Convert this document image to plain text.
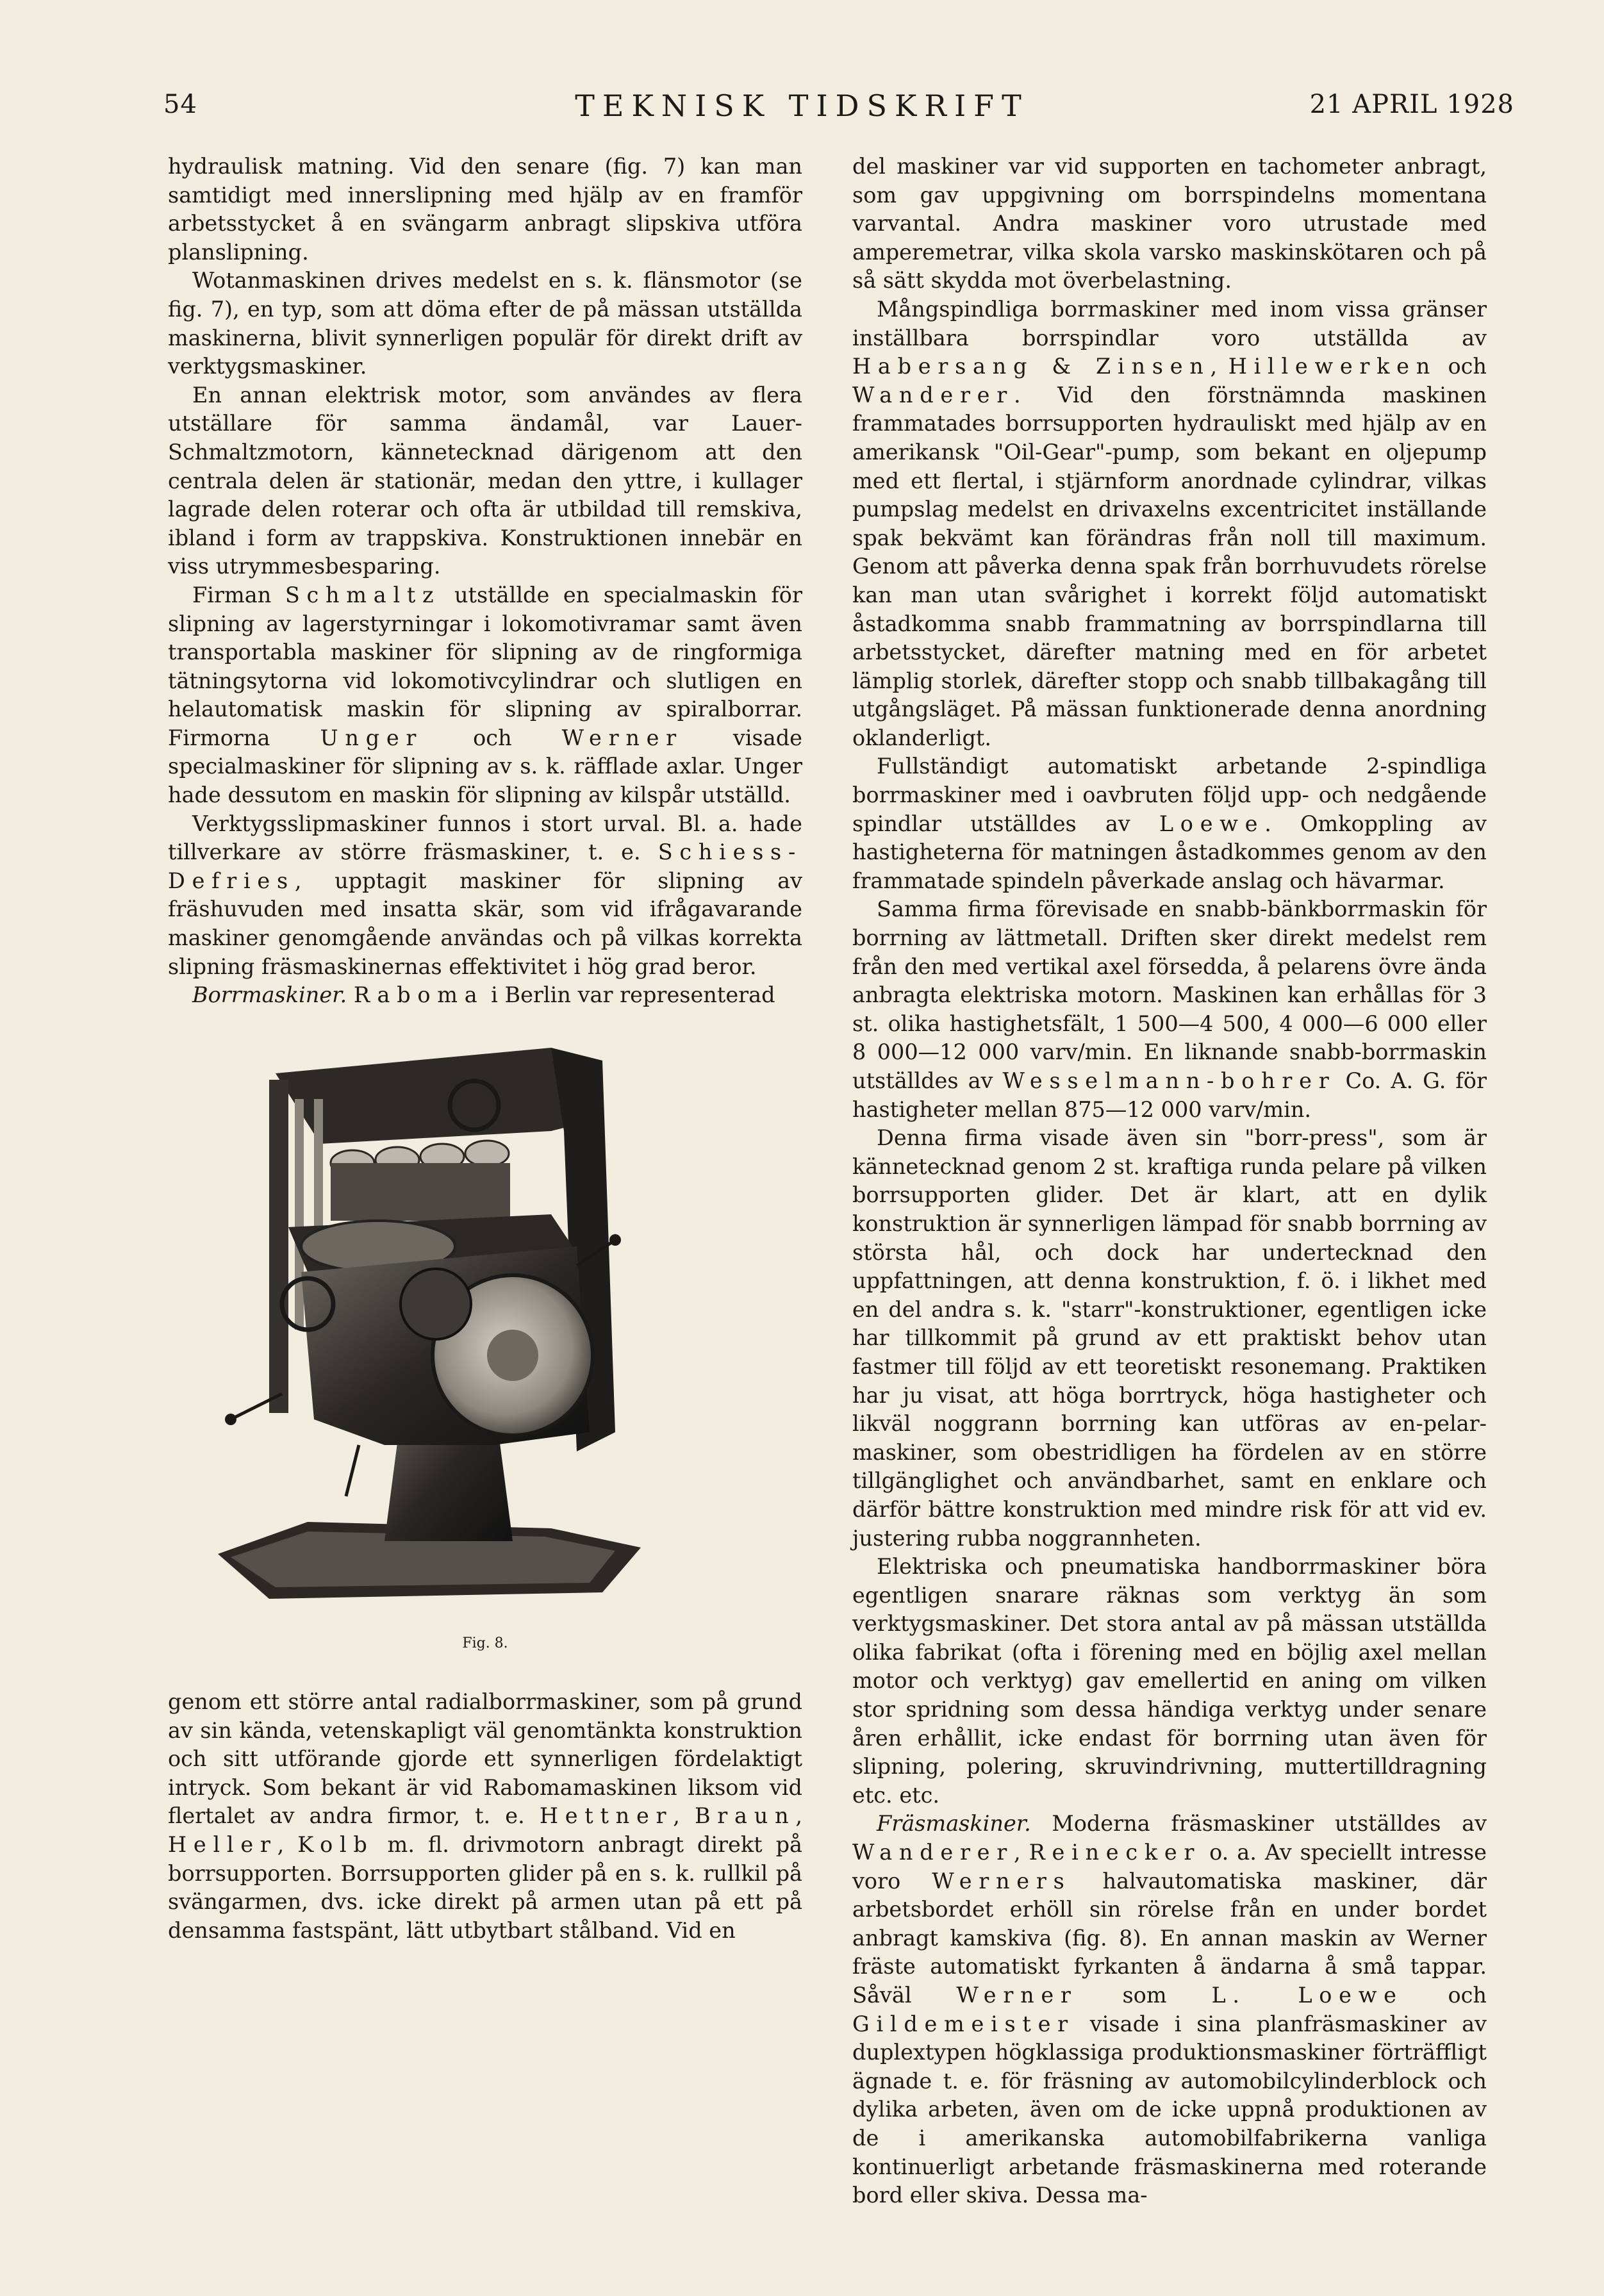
54	TEKNISK TIDSKRIFT	21 APRIL 1928

hydraulisk matning. Vid den senare (fig. 7) kan man samtidigt med innerslipning med hjälp av en framför arbetsstycket å en svängarm anbragt slipskiva utföra planslipning.

Wotanmaskinen drives medelst en s. k. flänsmotor (se fig. 7), en typ, som att döma efter de på mässan utställda maskinerna, blivit synnerligen populär för direkt drift av verktygsmaskiner.

En annan elektrisk motor, som användes av flera utställare för samma ändamål, var Lauer-Schmaltzmotorn, kännetecknad därigenom att den centrala delen är stationär, medan den yttre, i kullager lagrade delen roterar och ofta är utbildad till remskiva, ibland i form av trappskiva. Konstruktionen innebär en viss utrymmesbesparing.

Firman Schmaltz utställde en specialmaskin för slipning av lagerstyrningar i lokomotivramar samt även transportabla maskiner för slipning av de ringformiga tätningsytorna vid lokomotivcylindrar och slutligen en helautomatisk maskin för slipning av spiralborrar. Firmorna Unger och Werner visade specialmaskiner för slipning av s. k. räfflade axlar. Unger hade dessutom en maskin för slipning av kilspår utställd.

Verktygsslipmaskiner funnos i stort urval. Bl. a. hade tillverkare av större fräsmaskiner, t. e. Schiess-Defries, upptagit maskiner för slipning av fräshuvuden med insatta skär, som vid ifrågavarande maskiner genomgående användas och på vilkas korrekta slipning fräsmaskinernas effektivitet i hög grad beror.

Borrmaskiner. Raboma i Berlin var representerad

Fig. 8.

genom ett större antal radialborrmaskiner, som på grund av sin kända, vetenskapligt väl genomtänkta konstruktion och sitt utförande gjorde ett synnerligen fördelaktigt intryck. Som bekant är vid Rabomamaskinen liksom vid flertalet av andra firmor, t. e. Hettner, Braun, Heller, Kolb m. fl. drivmotorn anbragt direkt på borrsupporten. Borrsupporten glider på en s. k. rullkil på svängarmen, dvs. icke direkt på armen utan på ett på densamma fastspänt, lätt utbytbart stålband. Vid en

del maskiner var vid supporten en tachometer anbragt, som gav uppgivning om borrspindelns momentana varvantal. Andra maskiner voro utrustade med amperemetrar, vilka skola varsko maskinskötaren och på så sätt skydda mot överbelastning.

Mångspindliga borrmaskiner med inom vissa gränser inställbara borrspindlar voro utställda av Habersang & Zinsen, Hillewerken och Wanderer. Vid den förstnämnda maskinen frammatades borrsupporten hydrauliskt med hjälp av en amerikansk "Oil-Gear"-pump, som bekant en oljepump med ett flertal, i stjärnform anordnade cylindrar, vilkas pumpslag medelst en drivaxelns excentricitet inställande spak bekvämt kan förändras från noll till maximum. Genom att påverka denna spak från borrhuvudets rörelse kan man utan svårighet i korrekt följd automatiskt åstadkomma snabb frammatning av borrspindlarna till arbetsstycket, därefter matning med en för arbetet lämplig storlek, därefter stopp och snabb tillbakagång till utgångsläget. På mässan funktionerade denna anordning oklanderligt.

Fullständigt automatiskt arbetande 2-spindliga borrmaskiner med i oavbruten följd upp- och nedgående spindlar utställdes av Loewe. Omkoppling av hastigheterna för matningen åstadkommes genom av den frammatade spindeln påverkade anslag och hävarmar.

Samma firma förevisade en snabb-bänkborrmaskin för borrning av lättmetall. Driften sker direkt medelst rem från den med vertikal axel försedda, å pelarens övre ända anbragta elektriska motorn. Maskinen kan erhållas för 3 st. olika hastighetsfält, 1 500—4 500, 4 000—6 000 eller 8 000—12 000 varv/min. En liknande snabb-borrmaskin utställdes av Wesselmann-bohrer Co. A. G. för hastigheter mellan 875—12 000 varv/min.

Denna firma visade även sin "borr-press", som är kännetecknad genom 2 st. kraftiga runda pelare på vilken borrsupporten glider. Det är klart, att en dylik konstruktion är synnerligen lämpad för snabb borrning av största hål, och dock har undertecknad den uppfattningen, att denna konstruktion, f. ö. i likhet med en del andra s. k. "starr"-konstruktioner, egentligen icke har tillkommit på grund av ett praktiskt behov utan fastmer till följd av ett teoretiskt resonemang. Praktiken har ju visat, att höga borrtryck, höga hastigheter och likväl noggrann borrning kan utföras av en-pelar-maskiner, som obestridligen ha fördelen av en större tillgänglighet och användbarhet, samt en enklare och därför bättre konstruktion med mindre risk för att vid ev. justering rubba noggrannheten.

Elektriska och pneumatiska handborrmaskiner böra egentligen snarare räknas som verktyg än som verktygsmaskiner. Det stora antal av på mässan utställda olika fabrikat (ofta i förening med en böjlig axel mellan motor och verktyg) gav emellertid en aning om vilken stor spridning som dessa händiga verktyg under senare åren erhållit, icke endast för borrning utan även för slipning, polering, skruvindrivning, muttertilldragning etc. etc.

Fräsmaskiner. Moderna fräsmaskiner utställdes av Wanderer, Reinecker o. a. Av speciellt intresse voro Werners halvautomatiska maskiner, där arbetsbordet erhöll sin rörelse från en under bordet anbragt kamskiva (fig. 8). En annan maskin av Werner fräste automatiskt fyrkanten å ändarna å små tappar. Såväl Werner som L. Loewe och Gildemeister visade i sina planfräsmaskiner av duplextypen högklassiga produktionsmaskiner förträffligt ägnade t. e. för fräsning av automobilcylinderblock och dylika arbeten, även om de icke uppnå produktionen av de i amerikanska automobilfabrikerna vanliga kontinuerligt arbetande fräsmaskinerna med roterande bord eller skiva. Dessa ma-
